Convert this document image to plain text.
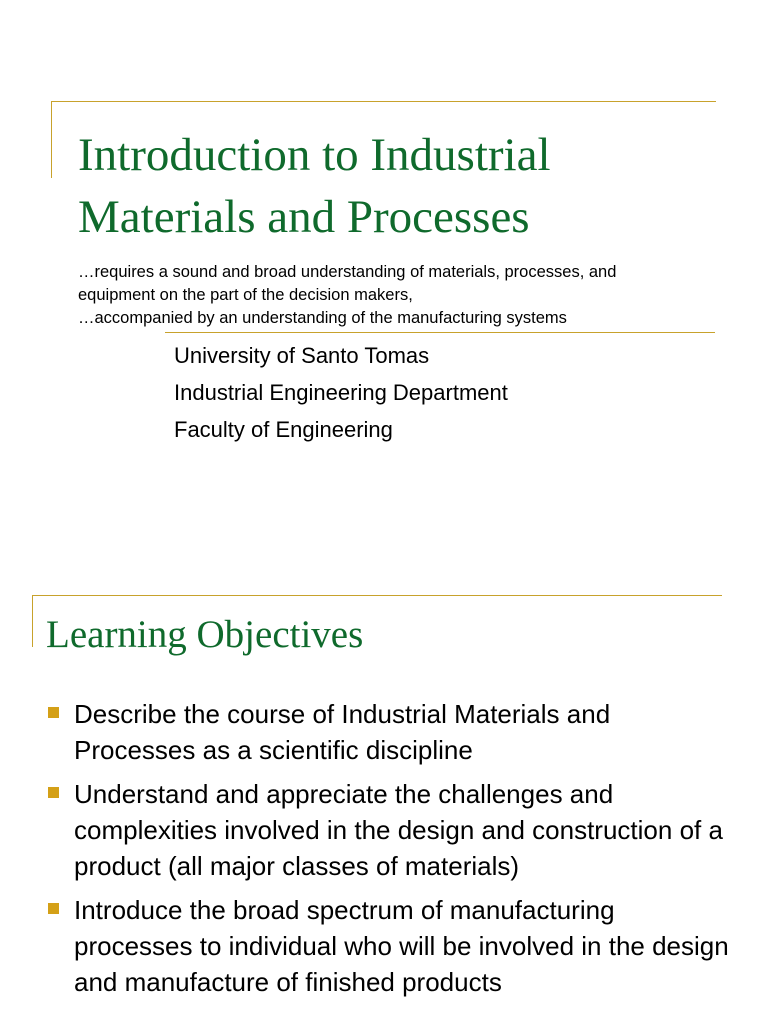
Introduction to Industrial
Materials and Processes

…requires a sound and broad understanding of materials, processes, and

equipment on the part of the decision makers,

…accompanied by an understanding of the manufacturing systems

University of Santo Tomas
Industrial Engineering Department
Faculty of Engineering
Learning Objectives
Describe the course of Industrial Materials and Processes as a scientific discipline
Understand and appreciate the challenges and complexities involved in the design and construction of a product (all major classes of materials)
Introduce the broad spectrum of manufacturing processes to individual who will be involved in the design and manufacture of finished products
